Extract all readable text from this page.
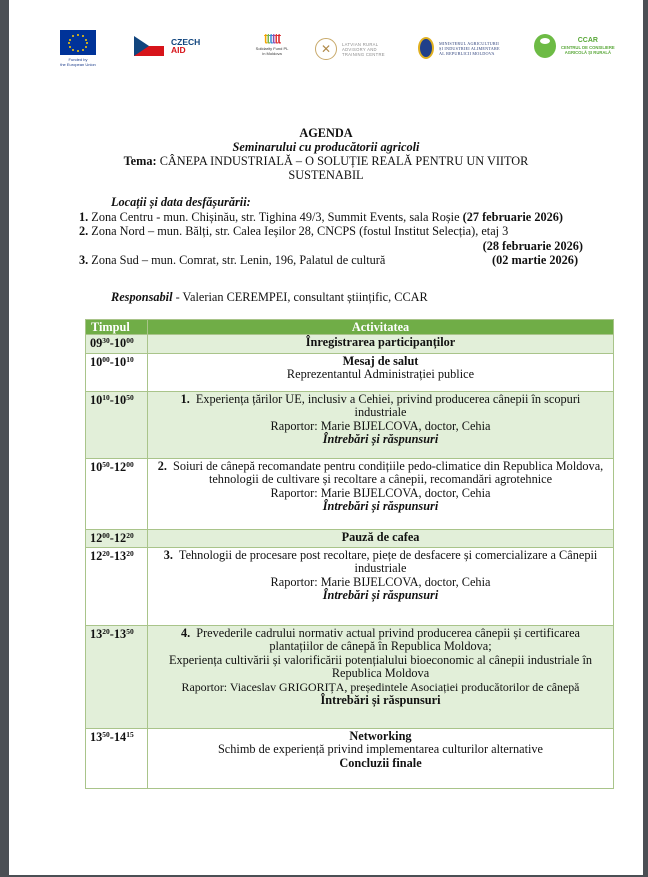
Funded by
the European Union
CZECH
AID
ʈʈʈʈʈʈ
Solidarity Fund PL
in Moldova	✕	LATVIAN RURAL
ADVISORY AND
TRAINING CENTRE
MINISTERUL AGRICULTURII
ȘI INDUSTRIEI ALIMENTARE
AL REPUBLICII MOLDOVA
CCAR
CENTRUL DE CONSILIERE
AGRICOLĂ ȘI RURALĂ
AGENDA
Seminarului cu producătorii agricoli
Tema: CÂNEPA INDUSTRIALĂ – O SOLUȚIE REALĂ PENTRU UN VIITOR
SUSTENABIL
Locații și data desfășurării:
1. Zona Centru - mun. Chișinău, str. Tighina 49/3, Summit Events, sala Roșie (27 februarie 2026)
2. Zona Nord – mun. Bălți, str. Calea Ieșilor 28, CNCPS (fostul Institut Selecția), etaj 3
(28 februarie 2026)
3. Zona Sud – mun. Comrat, str. Lenin, 196, Palatul de cultură	(02 martie 2026)
Responsabil - Valerian CEREMPEI, consultant științific, CCAR
Timpul	Activitatea
$09^{30}-10^{00}$	Înregistrarea participanților

$10^{00}-10^{10}$	Mesaj de salut
Reprezentantul Administrației publice

$10^{10}-10^{50}$	1. Experiența țărilor UE, inclusiv a Cehiei, privind producerea cânepii în scopuri industriale
Raportor: Marie BIJELCOVA, doctor, Cehia
Întrebări și răspunsuri

$10^{50}-12^{00}$	2. Soiuri de cânepă recomandate pentru condițiile pedo-climatice din Republica Moldova, tehnologii de cultivare și recoltare a cânepii, recomandări agrotehnice
Raportor: Marie BIJELCOVA, doctor, Cehia
Întrebări și răspunsuri

$12^{00}-12^{20}$	Pauză de cafea

$12^{20}-13^{20}$	3. Tehnologii de procesare post recoltare, piețe de desfacere și comercializare a Cânepii industriale
Raportor: Marie BIJELCOVA, doctor, Cehia
Întrebări și răspunsuri

$13^{20}-13^{50}$	4. Prevederile cadrului normativ actual privind producerea cânepii și certificarea plantațiilor de cânepă în Republica Moldova;
Experiența cultivării și valorificării potențialului bioeconomic al cânepii industriale în Republica Moldova
Raportor: Viaceslav GRIGORIȚA, președintele Asociației producătorilor de cânepă
Întrebări și răspunsuri

$13^{50}-14^{15}$	Networking
Schimb de experiență privind implementarea culturilor alternative
Concluzii finale
